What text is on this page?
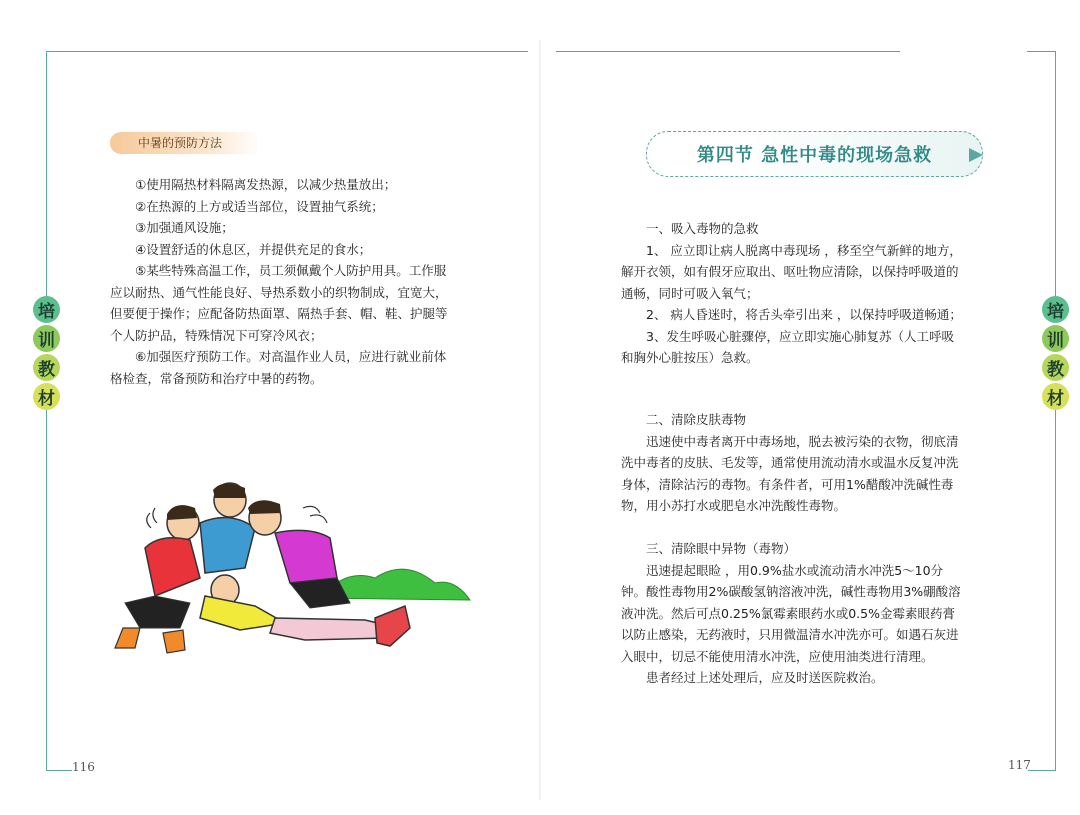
培
训
教
材
培
训
教
材
中暑的预防方法

①使用隔热材料隔离发热源，以减少热量放出；

②在热源的上方或适当部位，设置抽气系统；

③加强通风设施；

④设置舒适的休息区，并提供充足的食水；

⑤某些特殊高温工作，员工须佩戴个人防护用具。工作服应以耐热、通气性能良好、导热系数小的织物制成，宜宽大，但要便于操作；应配备防热面罩、隔热手套、帽、鞋、护腿等个人防护品，特殊情况下可穿冷风衣；

⑥加强医疗预防工作。对高温作业人员，应进行就业前体格检查，常备预防和治疗中暑的药物。

116
第四节 急性中毒的现场急救

一、吸入毒物的急救

1、 应立即让病人脱离中毒现场 ，移至空气新鲜的地方，解开衣领，如有假牙应取出、呕吐物应清除，以保持呼吸道的通畅，同时可吸入氧气；

2、 病人昏迷时，将舌头牵引出来 ，以保持呼吸道畅通；

3、发生呼吸心脏骤停，应立即实施心肺复苏（人工呼吸和胸外心脏按压）急救。

二、清除皮肤毒物

迅速使中毒者离开中毒场地，脱去被污染的衣物，彻底清洗中毒者的皮肤、毛发等，通常使用流动清水或温水反复冲洗身体，清除沾污的毒物。有条件者，可用1%醋酸冲洗碱性毒物，用小苏打水或肥皂水冲洗酸性毒物。

三、清除眼中异物（毒物）

迅速提起眼睑 ，用0.9%盐水或流动清水冲洗5～10分钟。酸性毒物用2%碳酸氢钠溶液冲洗，碱性毒物用3%硼酸溶液冲洗。然后可点0.25%氯霉素眼药水或0.5%金霉素眼药膏以防止感染，无药液时，只用微温清水冲洗亦可。如遇石灰进入眼中，切忌不能使用清水冲洗，应使用油类进行清理。

患者经过上述处理后，应及时送医院救治。

117
